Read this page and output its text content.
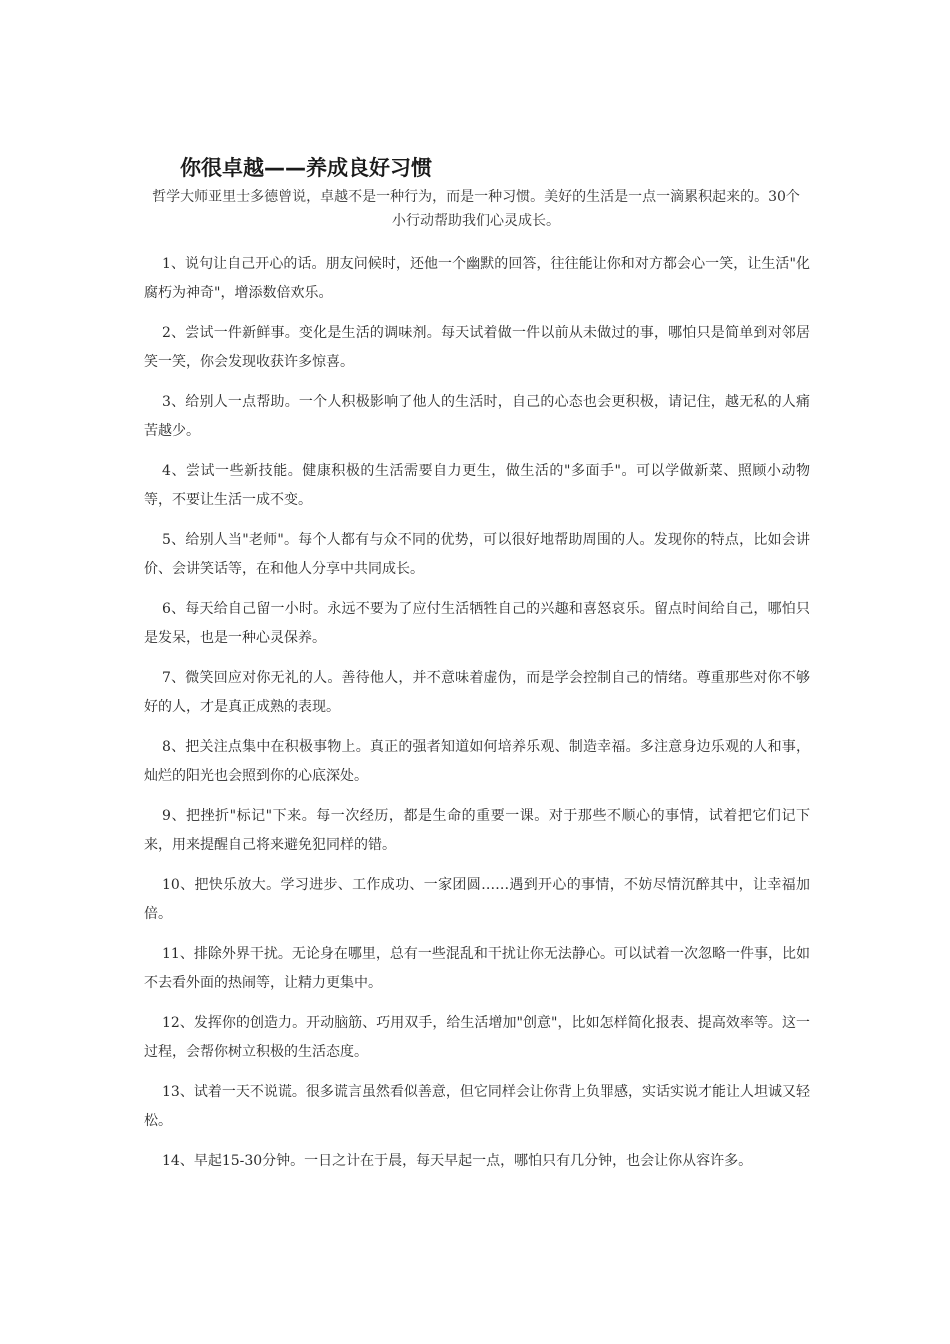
你很卓越——养成良好习惯

哲学大师亚里士多德曾说，卓越不是一种行为，而是一种习惯。美好的生活是一点一滴累积起来的。30个小行动帮助我们心灵成长。

1、说句让自己开心的话。朋友问候时，还他一个幽默的回答，往往能让你和对方都会心一笑，让生活"化腐朽为神奇"，增添数倍欢乐。
2、尝试一件新鲜事。变化是生活的调味剂。每天试着做一件以前从未做过的事，哪怕只是简单到对邻居笑一笑，你会发现收获许多惊喜。
3、给别人一点帮助。一个人积极影响了他人的生活时，自己的心态也会更积极，请记住，越无私的人痛苦越少。
4、尝试一些新技能。健康积极的生活需要自力更生，做生活的"多面手"。可以学做新菜、照顾小动物等，不要让生活一成不变。
5、给别人当"老师"。每个人都有与众不同的优势，可以很好地帮助周围的人。发现你的特点，比如会讲价、会讲笑话等，在和他人分享中共同成长。
6、每天给自己留一小时。永远不要为了应付生活牺牲自己的兴趣和喜怒哀乐。留点时间给自己，哪怕只是发呆，也是一种心灵保养。
7、微笑回应对你无礼的人。善待他人，并不意味着虚伪，而是学会控制自己的情绪。尊重那些对你不够好的人，才是真正成熟的表现。
8、把关注点集中在积极事物上。真正的强者知道如何培养乐观、制造幸福。多注意身边乐观的人和事，灿烂的阳光也会照到你的心底深处。
9、把挫折"标记"下来。每一次经历，都是生命的重要一课。对于那些不顺心的事情，试着把它们记下来，用来提醒自己将来避免犯同样的错。
10、把快乐放大。学习进步、工作成功、一家团圆……遇到开心的事情，不妨尽情沉醉其中，让幸福加倍。
11、排除外界干扰。无论身在哪里，总有一些混乱和干扰让你无法静心。可以试着一次忽略一件事，比如不去看外面的热闹等，让精力更集中。
12、发挥你的创造力。开动脑筋、巧用双手，给生活增加"创意"，比如怎样简化报表、提高效率等。这一过程，会帮你树立积极的生活态度。
13、试着一天不说谎。很多谎言虽然看似善意，但它同样会让你背上负罪感，实话实说才能让人坦诚又轻松。
14、早起15-30分钟。一日之计在于晨，每天早起一点，哪怕只有几分钟，也会让你从容许多。
